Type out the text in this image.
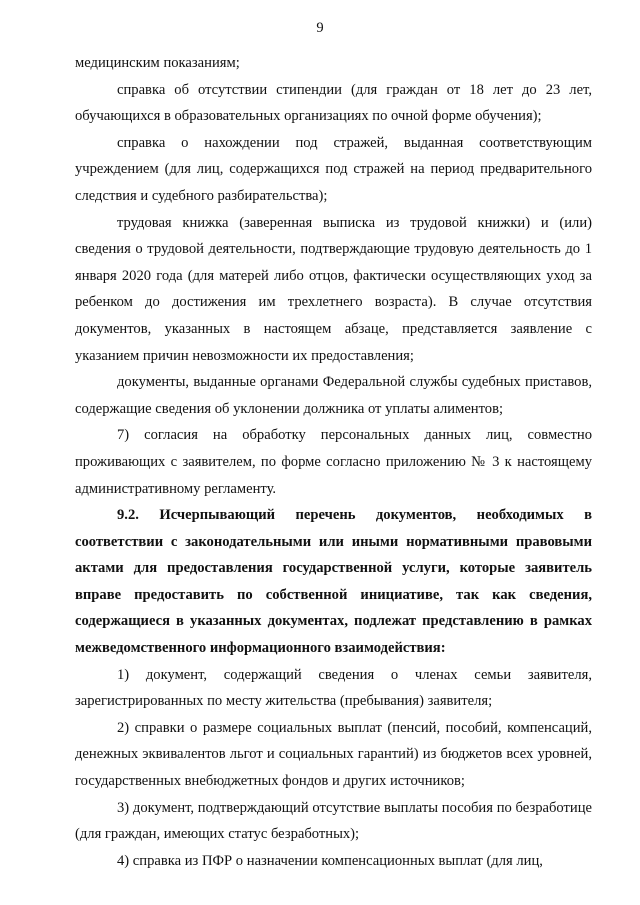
9

медицинским показаниям;

справка об отсутствии стипендии (для граждан от 18 лет до 23 лет, обучающихся в образовательных организациях по очной форме обучения);

справка о нахождении под стражей, выданная соответствующим учреждением (для лиц, содержащихся под стражей на период предварительного следствия и судебного разбирательства);

трудовая книжка (заверенная выписка из трудовой книжки) и (или) сведения о трудовой деятельности, подтверждающие трудовую деятельность до 1 января 2020 года (для матерей либо отцов, фактически осуществляющих уход за ребенком до достижения им трехлетнего возраста). В случае отсутствия документов, указанных в настоящем абзаце, представляется заявление с указанием причин невозможности их предоставления;

документы, выданные органами Федеральной службы судебных приставов, содержащие сведения об уклонении должника от уплаты алиментов;

7) согласия на обработку персональных данных лиц, совместно проживающих с заявителем, по форме согласно приложению № 3 к настоящему административному регламенту.

9.2. Исчерпывающий перечень документов, необходимых в соответствии с законодательными или иными нормативными правовыми актами для предоставления государственной услуги, которые заявитель вправе предоставить по собственной инициативе, так как сведения, содержащиеся в указанных документах, подлежат представлению в рамках межведомственного информационного взаимодействия:

1) документ, содержащий сведения о членах семьи заявителя, зарегистрированных по месту жительства (пребывания) заявителя;

2) справки о размере социальных выплат (пенсий, пособий, компенсаций, денежных эквивалентов льгот и социальных гарантий) из бюджетов всех уровней, государственных внебюджетных фондов и других источников;

3) документ, подтверждающий отсутствие выплаты пособия по безработице (для граждан, имеющих статус безработных);

4) справка из ПФР о назначении компенсационных выплат (для лиц,
